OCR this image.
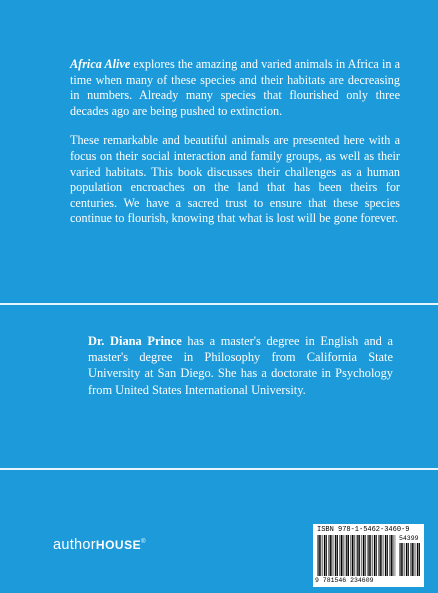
Africa Alive explores the amazing and varied animals in Africa in a time when many of these species and their habitats are decreasing in numbers. Already many species that flourished only three decades ago are being pushed to extinction.

These remarkable and beautiful animals are presented here with a focus on their social interaction and family groups, as well as their varied habitats. This book discusses their challenges as a human population encroaches on the land that has been theirs for centuries. We have a sacred trust to ensure that these species continue to flourish, knowing that what is lost will be gone forever.

Dr. Diana Prince has a master's degree in English and a master's degree in Philosophy from California State University at San Diego. She has a doctorate in Psychology from United States International University.

authorHOUSE®
ISBN 978-1-5462-3460-9
54399
9 781546 234609
